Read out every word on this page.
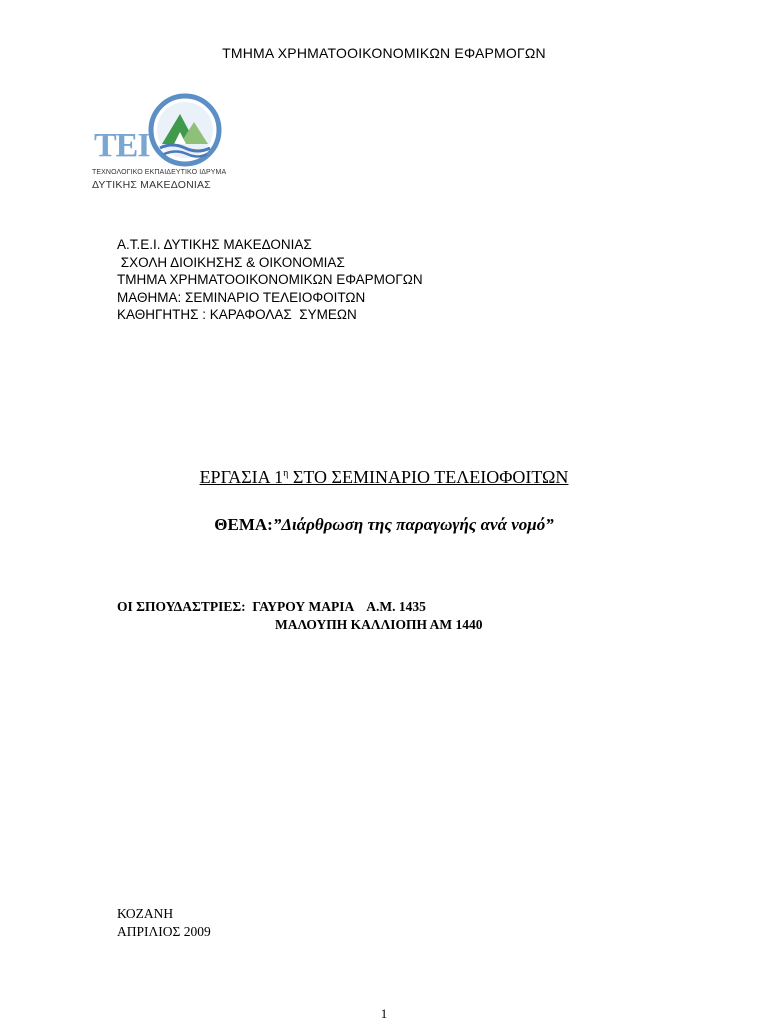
ΤΜΗΜΑ ΧΡΗΜΑΤΟΟΙΚΟΝΟΜΙΚΩΝ ΕΦΑΡΜΟΓΩΝ
ΤΕΙ
ΤΕΧΝΟΛΟΓΙΚΟ ΕΚΠΑΙΔΕΥΤΙΚΟ ΙΔΡΥΜΑ
ΔΥΤΙΚΗΣ ΜΑΚΕΔΟΝΙΑΣ
Α.Τ.Ε.Ι. ΔΥΤΙΚΗΣ ΜΑΚΕΔΟΝΙΑΣ
ΣΧΟΛΗ ΔΙΟΙΚΗΣΗΣ & ΟΙΚΟΝΟΜΙΑΣ
ΤΜΗΜΑ ΧΡΗΜΑΤΟΟΙΚΟΝΟΜΙΚΩΝ ΕΦΑΡΜΟΓΩΝ
ΜΑΘΗΜΑ: ΣΕΜΙΝΑΡΙΟ ΤΕΛΕΙΟΦΟΙΤΩΝ
ΚΑΘΗΓΗΤΗΣ : ΚΑΡΑΦΟΛΑΣ  ΣΥΜΕΩΝ
ΕΡΓΑΣΙΑ $1^\eta$ ΣΤΟ ΣΕΜΙΝΑΡΙΟ ΤΕΛΕΙΟΦΟΙΤΩΝ
ΘΕΜΑ:”Διάρθρωση της παραγωγής ανά νομό”
ΟΙ ΣΠΟΥΔΑΣΤΡΙΕΣ:  ΓΑΥΡΟΥ ΜΑΡΙΑ    Α.Μ. 1435
ΜΑΛΟΥΠΗ ΚΑΛΛΙΟΠΗ ΑΜ 1440
ΚΟΖΑΝΗ
ΑΠΡΙΛΙΟΣ 2009
1
